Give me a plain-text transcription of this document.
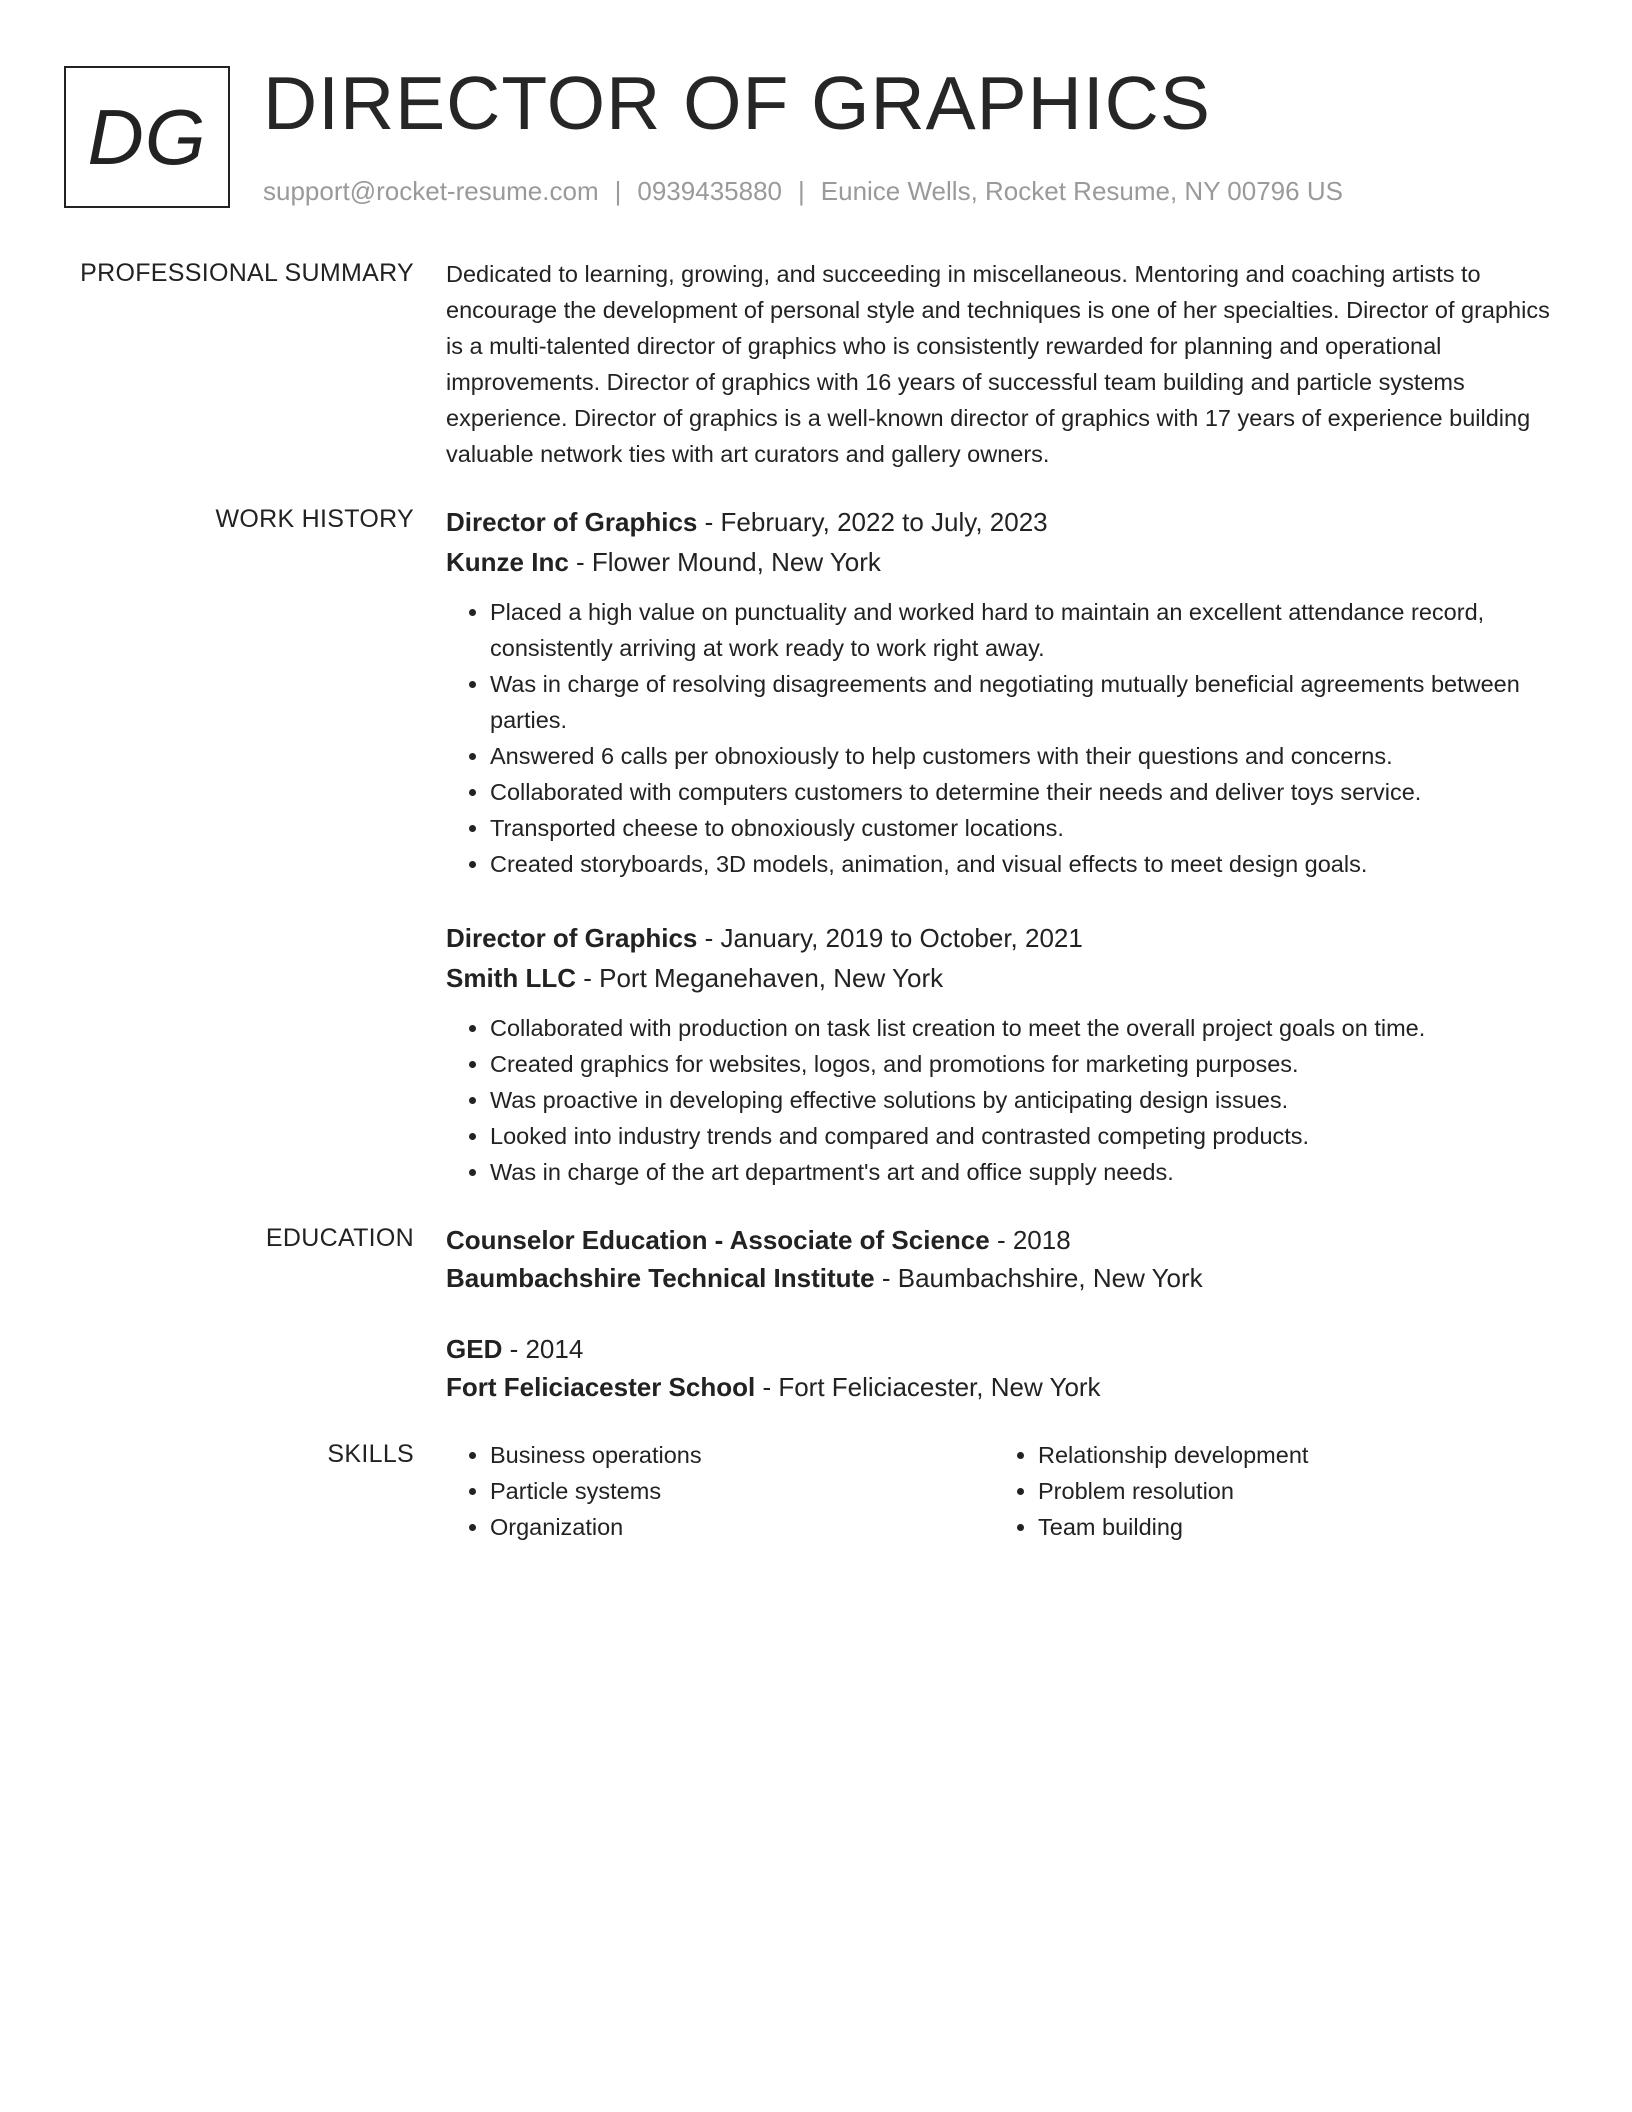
DG DIRECTOR OF GRAPHICS
support@rocket-resume.com | 0939435880 | Eunice Wells, Rocket Resume, NY 00796 US
PROFESSIONAL SUMMARY Dedicated to learning, growing, and succeeding in miscellaneous. Mentoring and coaching artists to encourage the development of personal style and techniques is one of her specialties. Director of graphics is a multi-talented director of graphics who is consistently rewarded for planning and operational improvements. Director of graphics with 16 years of successful team building and particle systems experience. Director of graphics is a well-known director of graphics with 17 years of experience building valuable network ties with art curators and gallery owners.
WORK HISTORY Director of Graphics - February, 2022 to July, 2023
Kunze Inc - Flower Mound, New York
• Placed a high value on punctuality and worked hard to maintain an excellent attendance record, consistently arriving at work ready to work right away.
• Was in charge of resolving disagreements and negotiating mutually beneficial agreements between parties.
• Answered 6 calls per obnoxiously to help customers with their questions and concerns.
• Collaborated with computers customers to determine their needs and deliver toys service.
• Transported cheese to obnoxiously customer locations.
• Created storyboards, 3D models, animation, and visual effects to meet design goals.
Director of Graphics - January, 2019 to October, 2021
Smith LLC - Port Meganehaven, New York
• Collaborated with production on task list creation to meet the overall project goals on time.
• Created graphics for websites, logos, and promotions for marketing purposes.
• Was proactive in developing effective solutions by anticipating design issues.
• Looked into industry trends and compared and contrasted competing products.
• Was in charge of the art department's art and office supply needs.
EDUCATION Counselor Education - Associate of Science - 2018
Baumbachshire Technical Institute - Baumbachshire, New York
GED - 2014
Fort Feliciacester School - Fort Feliciacester, New York
SKILLS
•	Business operations
• Particle systems
• Organization
• Relationship development
• Problem resolution
• Team building
